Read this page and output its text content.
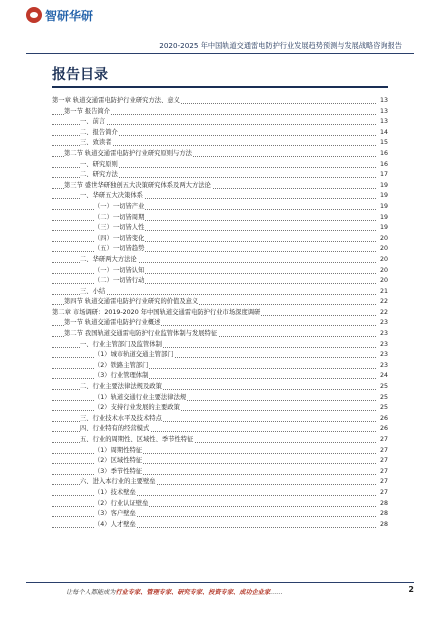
智研华研
2020-2025 年中国轨道交通雷电防护行业发展趋势预测与发展战略咨询报告
报告目录
第一章 轨道交通雷电防护行业研究方法、意义	13
第一节 报告简介	13
一、前言	13
二、报告简介	14
三、致读者	15
第二节 轨道交通雷电防护行业研究原则与方法	16
一、研究原则	16
二、研究方法	17
第三节 盛世华研独创五大决策研究体系及两大方法论	19
一、华研五大决策体系	19
（一）一切皆产业	19
（二）一切皆周期	19
（三）一切皆人性	19
（四）一切皆变化	20
（五）一切皆趋势	20
二、华研两大方法论	20
（一）一切皆认知	20
（二）一切皆行动	20
三、小结	21
第四节 轨道交通雷电防护行业研究的价值及意义	22
第二章 市场调研：2019-2020 年中国轨道交通雷电防护行业市场深度调研	22
第一节 轨道交通雷电防护行业概述	23
第二节 我国轨道交通雷电防护行业监管体制与发展特征	23
一、行业主管部门及监管体制	23
（1）城市轨道交通主管部门	23
（2）铁路主管部门	23
（3）行业管理体制	24
二、行业主要法律法规及政策	25
（1）轨道交通行业主要法律法规	25
（2）支持行业发展的主要政策	25
三、行业技术水平及技术特点	26
四、行业特有的经营模式	26
五、行业的周期性、区域性、季节性特征	27
（1）周期性特征	27
（2）区域性特征	27
（3）季节性特征	27
六、进入本行业的主要壁垒	27
（1）技术壁垒	27
（2）行业认证壁垒	28
（3）客户壁垒	28
（4）人才壁垒	28
让每个人都能成为行业专家、管理专家、研究专家、投资专家、成功企业家……	2
